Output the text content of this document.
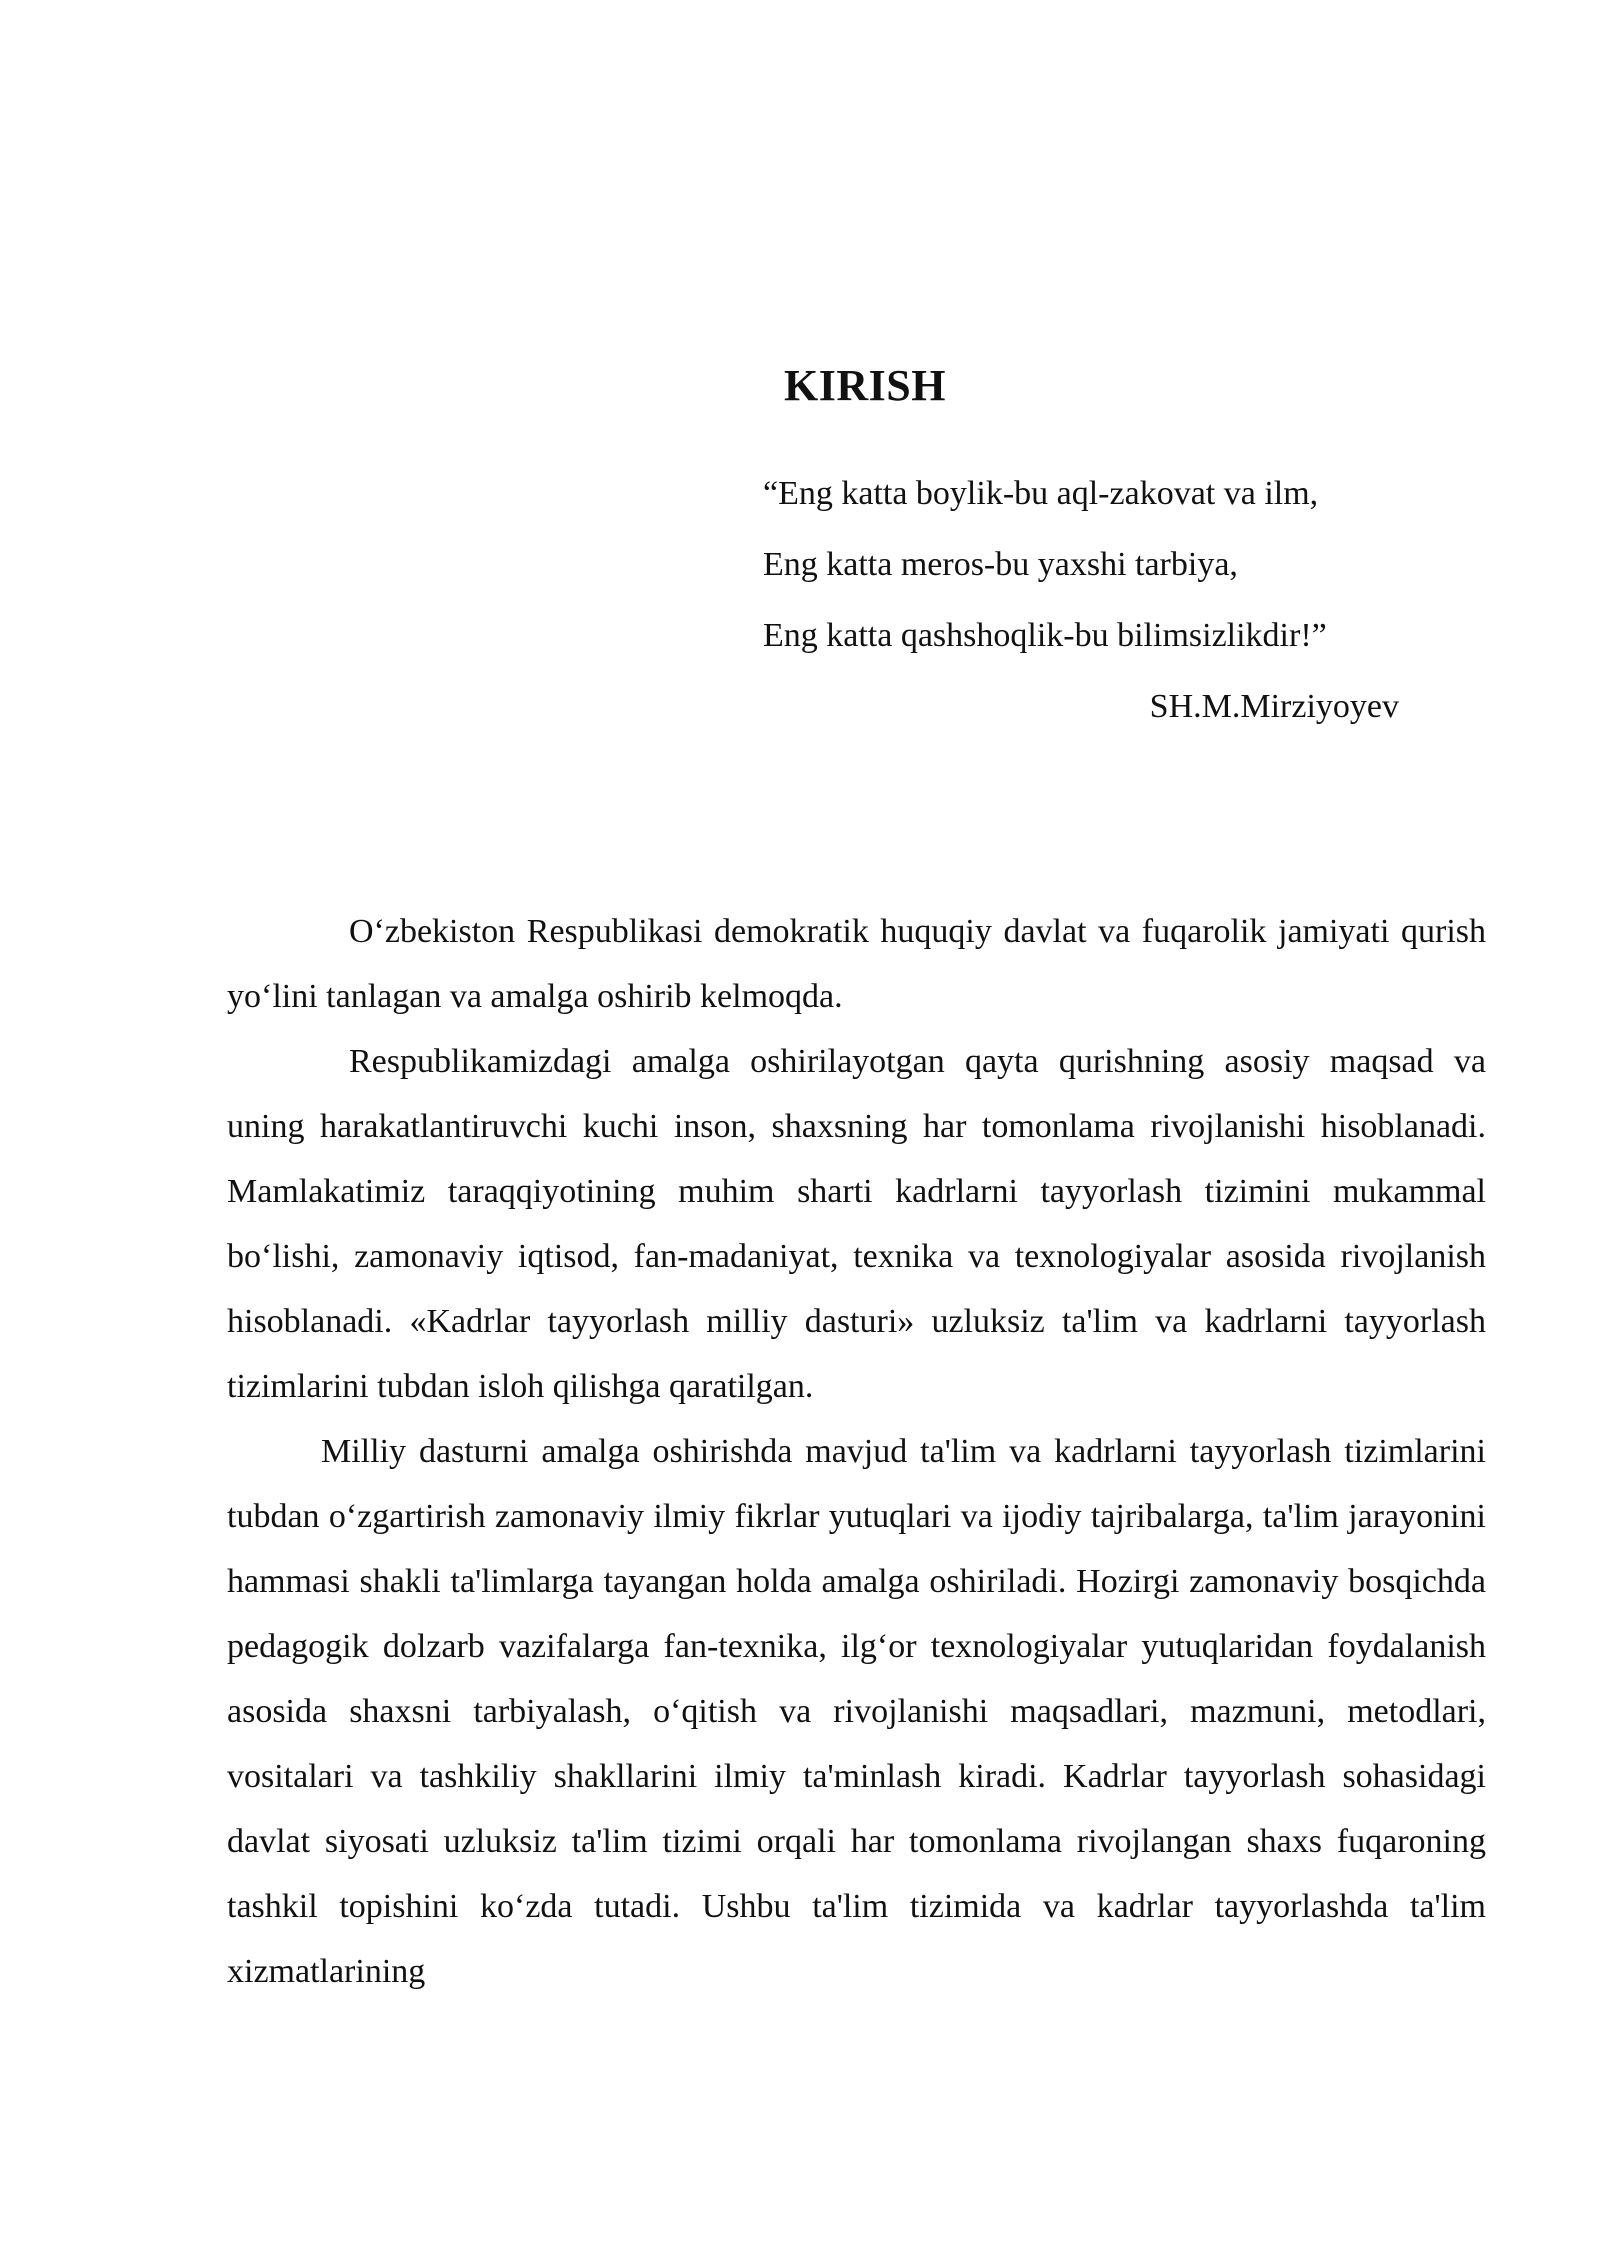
KIRISH
“Eng katta boylik-bu aql-zakovat va ilm,
Eng katta meros-bu yaxshi tarbiya,
Eng katta qashshoqlik-bu bilimsizlikdir!”
SH.M.Mirziyoyev

O‘zbekiston Respublikasi demokratik huquqiy davlat va fuqarolik jamiyati qurish yo‘lini tanlagan va amalga oshirib kelmoqda.

Respublikamizdagi amalga oshirilayotgan qayta qurishning asosiy maqsad va uning harakatlantiruvchi kuchi inson, shaxsning har tomonlama rivojlanishi hisoblanadi. Mamlakatimiz taraqqiyotining muhim sharti kadrlarni tayyorlash tizimini mukammal bo‘lishi, zamonaviy iqtisod, fan-madaniyat, texnika va texnologiyalar asosida rivojlanish hisoblanadi. «Kadrlar tayyorlash milliy dasturi» uzluksiz ta'lim va kadrlarni tayyorlash tizimlarini tubdan isloh qilishga qaratilgan.

Milliy dasturni amalga oshirishda mavjud ta'lim va kadrlarni tayyorlash tizimlarini tubdan o‘zgartirish zamonaviy ilmiy fikrlar yutuqlari va ijodiy tajribalarga, ta'lim jarayonini hammasi shakli ta'limlarga tayangan holda amalga oshiriladi. Hozirgi zamonaviy bosqichda pedagogik dolzarb vazifalarga fan-texnika, ilg‘or texnologiyalar yutuqlaridan foydalanish asosida shaxsni tarbiyalash, o‘qitish va rivojlanishi maqsadlari, mazmuni, metodlari, vositalari va tashkiliy shakllarini ilmiy ta'minlash kiradi. Kadrlar tayyorlash sohasidagi davlat siyosati uzluksiz ta'lim tizimi orqali har tomonlama rivojlangan shaxs fuqaroning tashkil topishini ko‘zda tutadi. Ushbu ta'lim tizimida va kadrlar tayyorlashda ta'lim xizmatlarining
